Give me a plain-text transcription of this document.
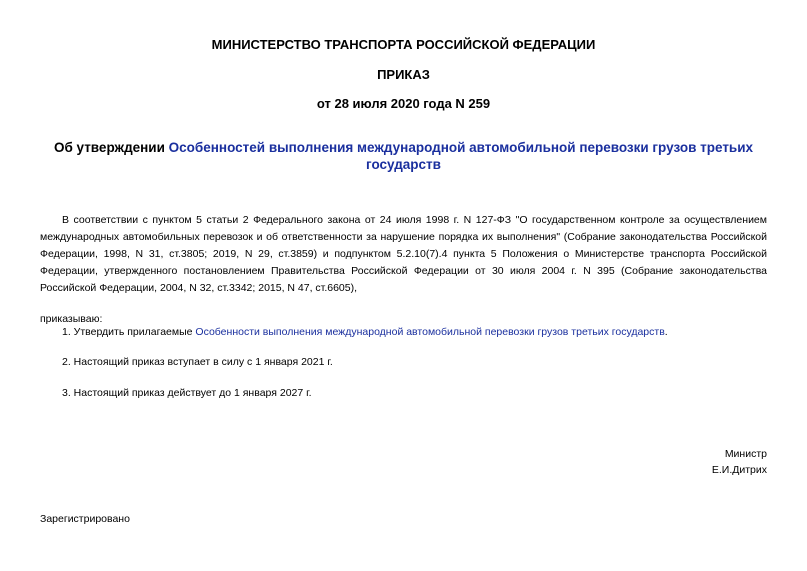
МИНИСТЕРСТВО ТРАНСПОРТА РОССИЙСКОЙ ФЕДЕРАЦИИ
ПРИКАЗ
от 28 июля 2020 года N 259
Об утверждении Особенностей выполнения международной автомобильной перевозки грузов третьих государств
В соответствии с пунктом 5 статьи 2 Федерального закона от 24 июля 1998 г. N 127-ФЗ "О государственном контроле за осуществлением международных автомобильных перевозок и об ответственности за нарушение порядка их выполнения" (Собрание законодательства Российской Федерации, 1998, N 31, ст.3805; 2019, N 29, ст.3859) и подпунктом 5.2.10(7).4 пункта 5 Положения о Министерстве транспорта Российской Федерации, утвержденного постановлением Правительства Российской Федерации от 30 июля 2004 г. N 395 (Собрание законодательства Российской Федерации, 2004, N 32, ст.3342; 2015, N 47, ст.6605),
приказываю:
1. Утвердить прилагаемые Особенности выполнения международной автомобильной перевозки грузов третьих государств.
2. Настоящий приказ вступает в силу с 1 января 2021 г.
3. Настоящий приказ действует до 1 января 2027 г.
Министр
Е.И.Дитрих
Зарегистрировано
